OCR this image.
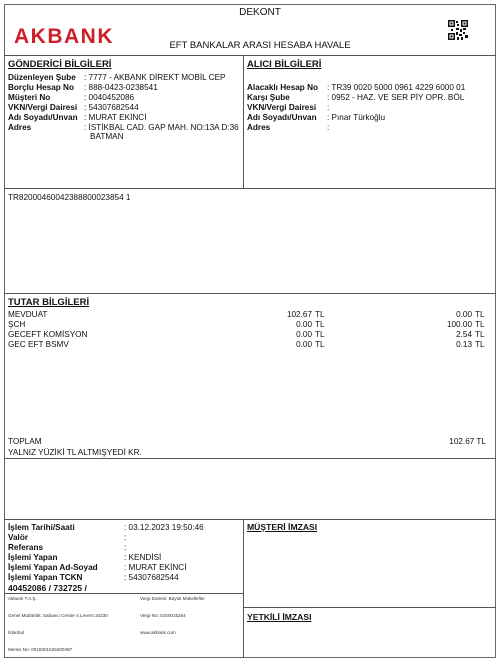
AKBANK
DEKONT
EFT BANKALAR ARASI HESABA HAVALE
GÖNDERİCİ BİLGİLERİ
Düzenleyen Şube : 7777 - AKBANK DİREKT MOBİL CEP
Borçlu Hesap No : 888-0423-0238541
Müşteri No	: 0040452086
VKN/Vergi Dairesi : 54307682544
Adı Soyadı/Unvan : MURAT EKİNCİ
Adres	: İSTİKBAL CAD. GAP MAH. NO:13A D:36
BATMAN
ALICI BİLGİLERİ
Alacaklı Hesap No : TR39 0020 5000 0961 4229 6000 01
Karşı Şube	: 0952 - HAZ. VE SER PİY OPR. BÖL
VKN/Vergi Dairesi :
Adı Soyadı/Unvan : Pınar Türkoğlu
Adres	:
TR82000460042388800023854 1
TUTAR BİLGİLERİ
MEVDUAT	102.67 TL	0.00 TL
ŞCH	0.00 TL	100.00 TL
GECEFT KOMİSYON	0.00 TL	2.54 TL
GEC EFT BSMV	0.00 TL	0.13 TL
TOPLAM	102.67 TL
YALNIZ YÜZİKİ TL ALTMIŞYEDİ KR.
İşlem Tarihi/Saati	: 03.12.2023 19:50:46
Valör	:
Referans	:
İşlemi Yapan	: KENDİSİ
İşlemi Yapan Ad-Soyad	: MURAT EKİNCİ
İşlemi Yapan TCKN	: 54307682544
40452086 / 732725 /
MÜŞTERİ İMZASI
YETKİLİ İMZASI
Akbank T.A.Ş.
Genel Müdürlük: Sabancı Center 4.Levent 34330
İstanbul
Mersis No: 0015001526400497
Vergi Dairesi: Büyük Mükellefler
Vergi No: 0150015264
www.akbank.com
